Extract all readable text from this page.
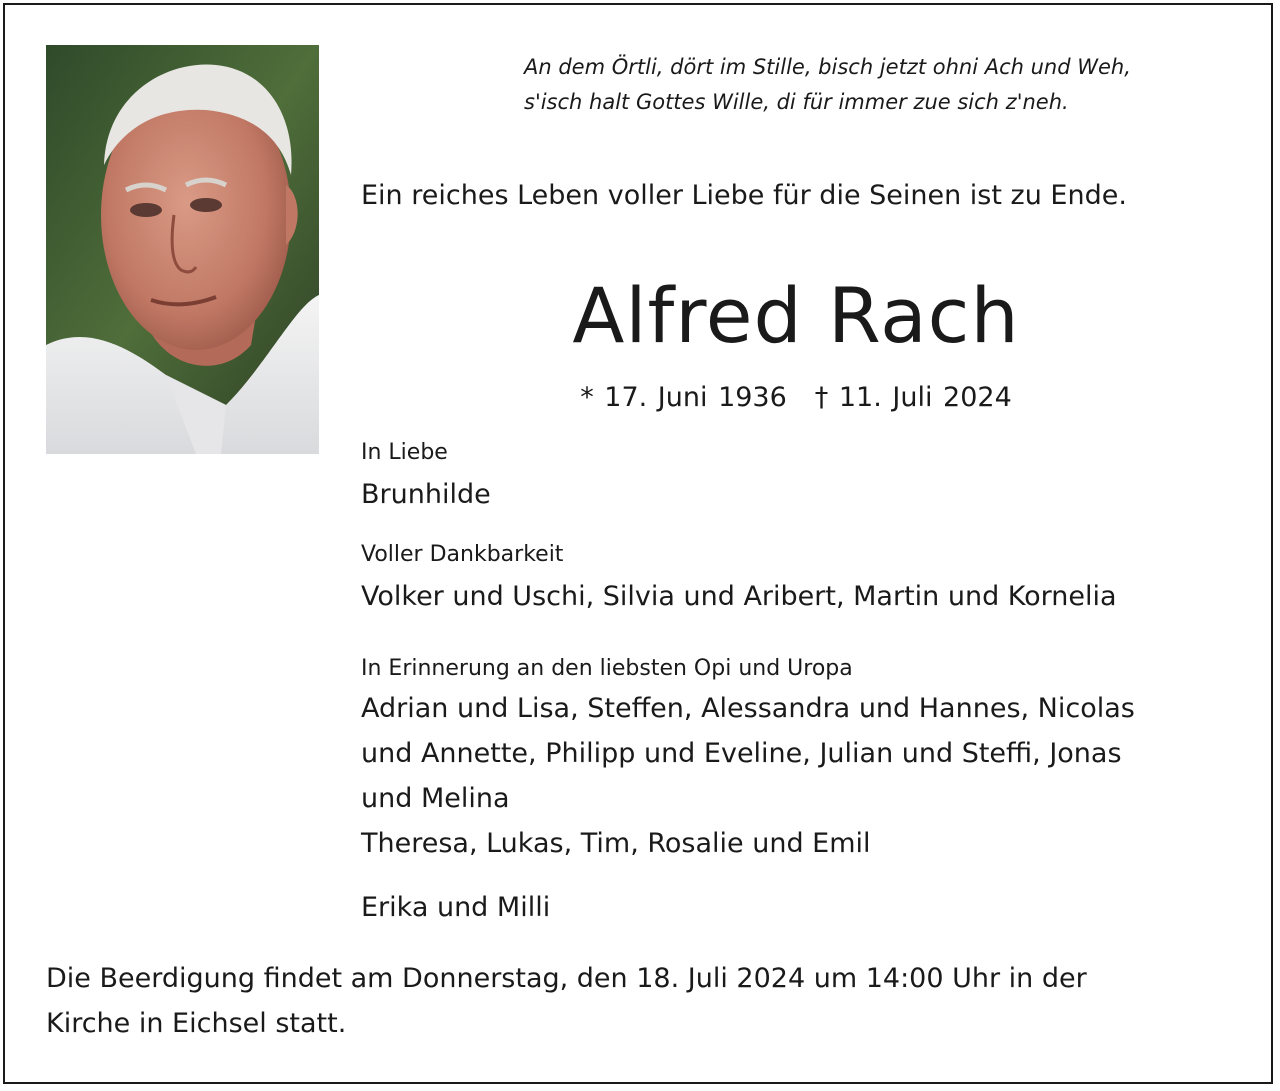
An dem Örtli, dört im Stille, bisch jetzt ohni Ach und Weh,
s'isch halt Gottes Wille, di für immer zue sich z'neh.
Ein reiches Leben voller Liebe für die Seinen ist zu Ende.
Alfred Rach
* 17. Juni 1936 † 11. Juli 2024
In Liebe
Brunhilde
Voller Dankbarkeit
Volker und Uschi, Silvia und Aribert, Martin und Kornelia
In Erinnerung an den liebsten Opi und Uropa
Adrian und Lisa, Steffen, Alessandra und Hannes, Nicolas
und Annette, Philipp und Eveline, Julian und Steffi, Jonas
und Melina
Theresa, Lukas, Tim, Rosalie und Emil
Erika und Milli
Die Beerdigung findet am Donnerstag, den 18. Juli 2024 um 14:00 Uhr in der
Kirche in Eichsel statt.
